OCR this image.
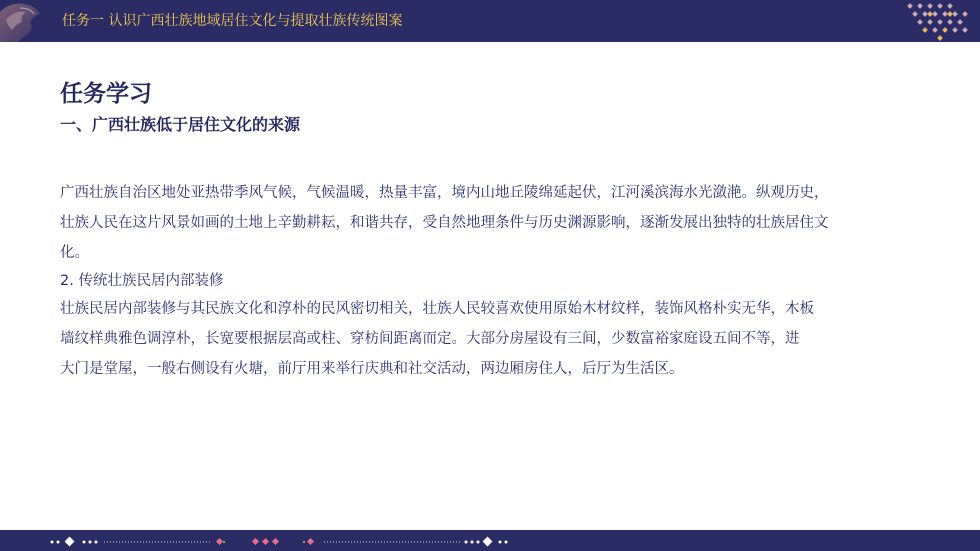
任务一 认识广西壮族地域居住文化与提取壮族传统图案
任务学习
一、广西壮族低于居住文化的来源
广西壮族自治区地处亚热带季风气候，气候温暖，热量丰富，境内山地丘陵绵延起伏，江河溪滨海水光潋滟。纵观历史，
壮族人民在这片风景如画的土地上辛勤耕耘，和谐共存，受自然地理条件与历史渊源影响，逐渐发展出独特的壮族居住文
化。
2. 传统壮族民居内部装修
壮族民居内部装修与其民族文化和淳朴的民风密切相关，壮族人民较喜欢使用原始木材纹样，装饰风格朴实无华，木板
墙纹样典雅色调淳朴，长宽要根据层高或柱、穿枋间距离而定。大部分房屋设有三间，少数富裕家庭设五间不等，进
大门是堂屋，一般右侧设有火塘，前厅用来举行庆典和社交活动，两边厢房住人，后厅为生活区。
